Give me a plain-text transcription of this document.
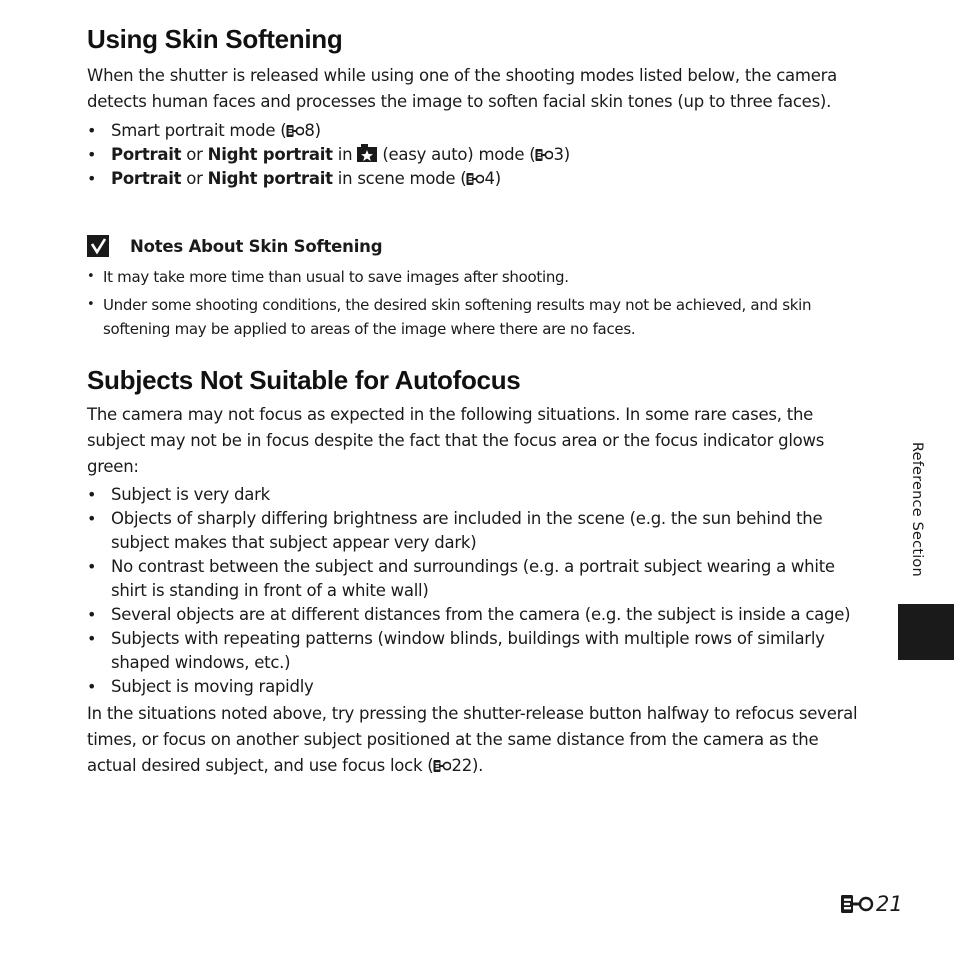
Using Skin Softening

When the shutter is released while using one of the shooting modes listed below, the camera detects human faces and processes the image to soften facial skin tones (up to three faces).

• Smart portrait mode ( 8)
• Portrait or Night portrait in  (easy auto) mode ( 3)
• Portrait or Night portrait in scene mode ( 4)
Notes About Skin Softening
• It may take more time than usual to save images after shooting.
• Under some shooting conditions, the desired skin softening results may not be achieved, and skin softening may be applied to areas of the image where there are no faces.
Subjects Not Suitable for Autofocus

The camera may not focus as expected in the following situations. In some rare cases, the subject may not be in focus despite the fact that the focus area or the focus indicator glows green:

• Subject is very dark
• Objects of sharply differing brightness are included in the scene (e.g. the sun behind the subject makes that subject appear very dark)
• No contrast between the subject and surroundings (e.g. a portrait subject wearing a white shirt is standing in front of a white wall)
• Several objects are at different distances from the camera (e.g. the subject is inside a cage)
• Subjects with repeating patterns (window blinds, buildings with multiple rows of similarly shaped windows, etc.)
• Subject is moving rapidly

In the situations noted above, try pressing the shutter-release button halfway to refocus several times, or focus on another subject positioned at the same distance from the camera as the actual desired subject, and use focus lock ( 22).

Reference Section
21
